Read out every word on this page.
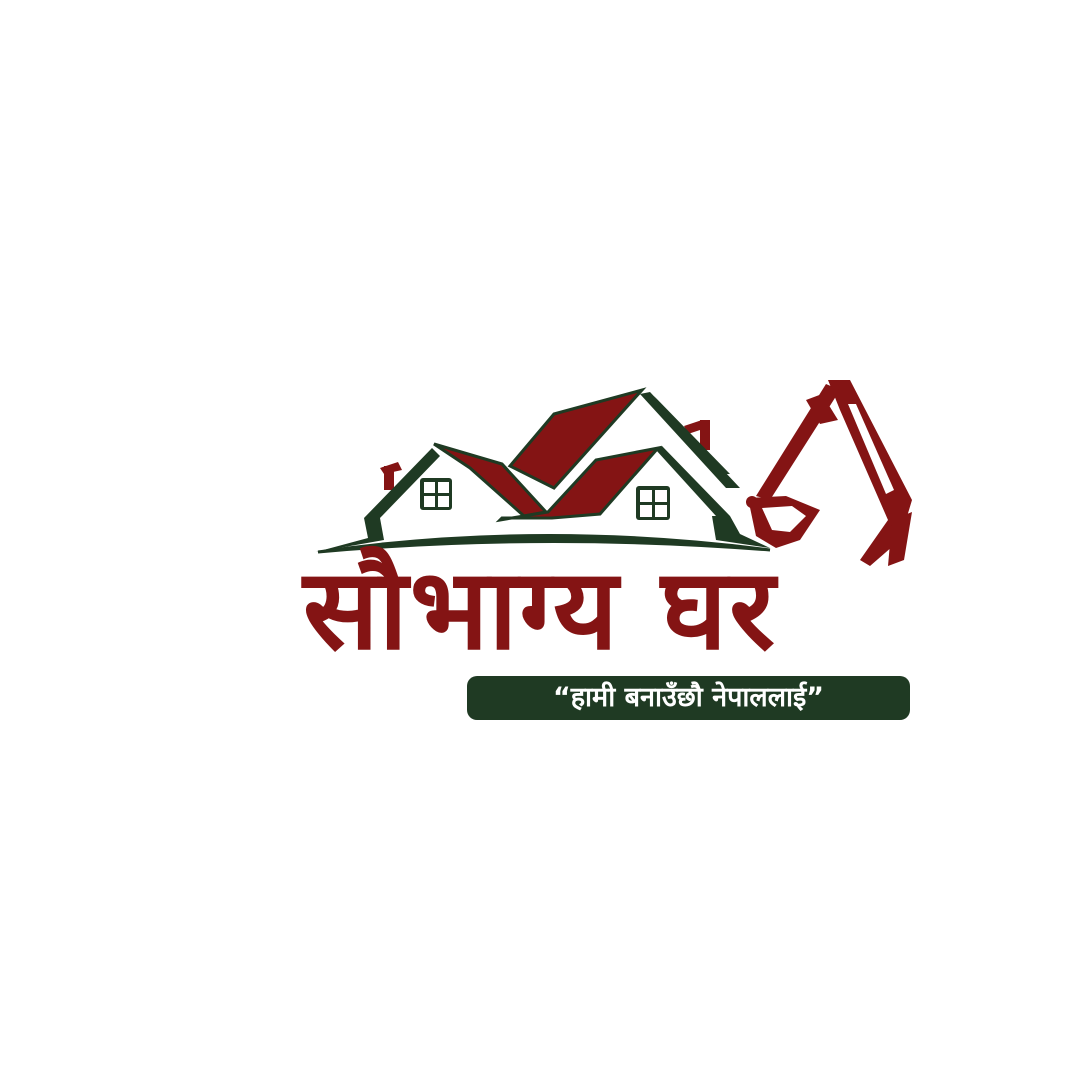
सौभाग्य घर
“हामी बनाउँछौ नेपाललाई”
